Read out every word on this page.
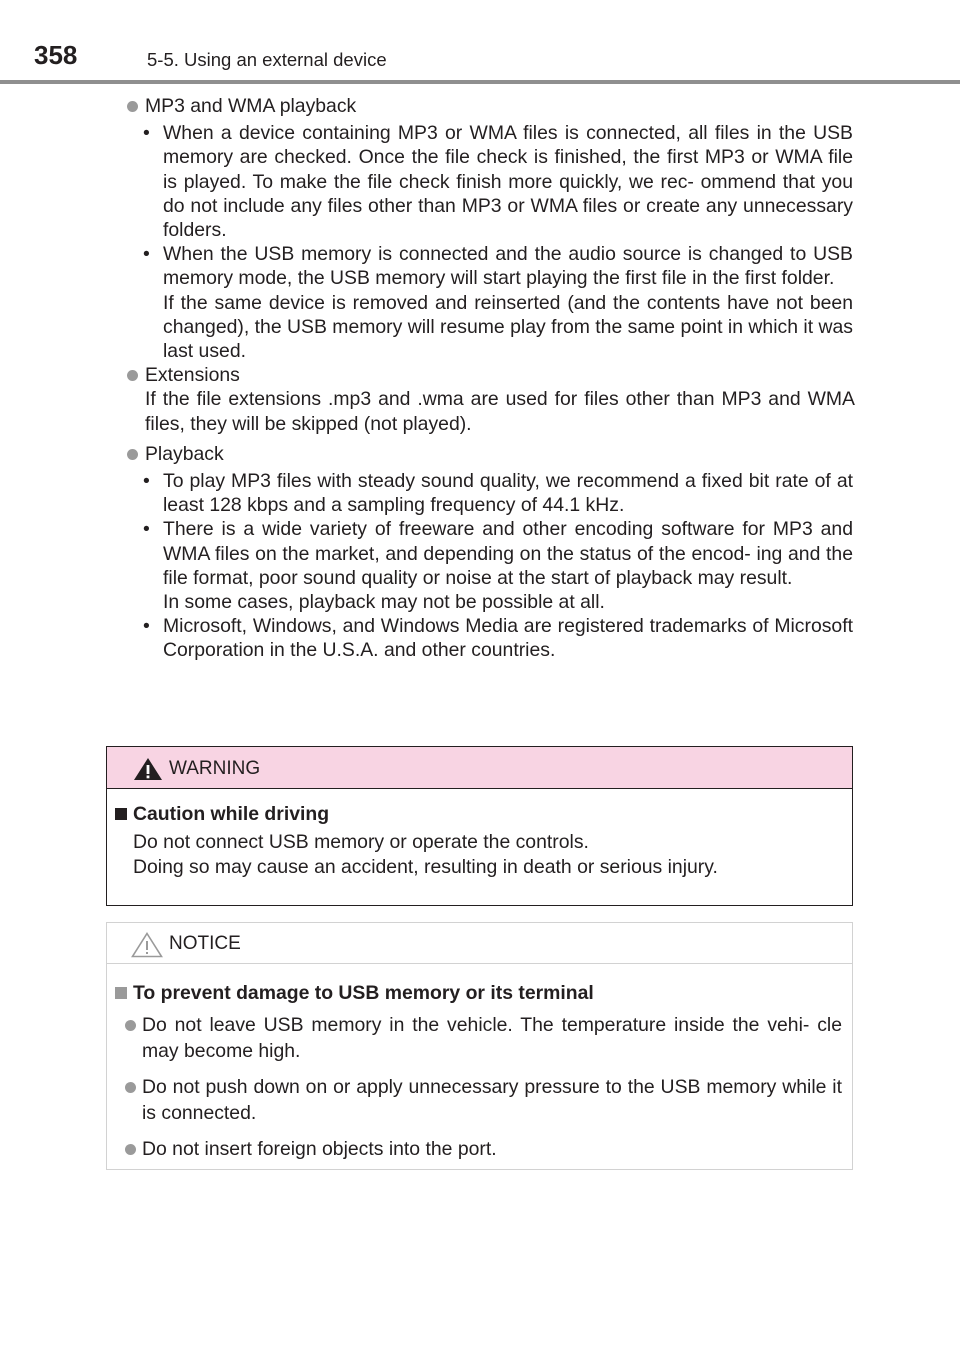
358	5-5. Using an external device
MP3 and WMA playback
• When a device containing MP3 or WMA files is connected, all files in the USB memory are checked. Once the file check is finished, the first MP3 or WMA file is played. To make the file check finish more quickly, we rec- ommend that you do not include any files other than MP3 or WMA files or create any unnecessary folders.
• When the USB memory is connected and the audio source is changed to USB memory mode, the USB memory will start playing the first file in the first folder.
If the same device is removed and reinserted (and the contents have not been changed), the USB memory will resume play from the same point in which it was last used.
Extensions
If the file extensions .mp3 and .wma are used for files other than MP3 and WMA files, they will be skipped (not played).
Playback
• To play MP3 files with steady sound quality, we recommend a fixed bit rate of at least 128 kbps and a sampling frequency of 44.1 kHz.
• There is a wide variety of freeware and other encoding software for MP3 and WMA files on the market, and depending on the status of the encod- ing and the file format, poor sound quality or noise at the start of playback may result.
In some cases, playback may not be possible at all.
• Microsoft, Windows, and Windows Media are registered trademarks of Microsoft Corporation in the U.S.A. and other countries.
WARNING
Caution while driving
Do not connect USB memory or operate the controls.
Doing so may cause an accident, resulting in death or serious injury.
NOTICE
To prevent damage to USB memory or its terminal
Do not leave USB memory in the vehicle. The temperature inside the vehi- cle may become high.
Do not push down on or apply unnecessary pressure to the USB memory while it is connected.
Do not insert foreign objects into the port.
